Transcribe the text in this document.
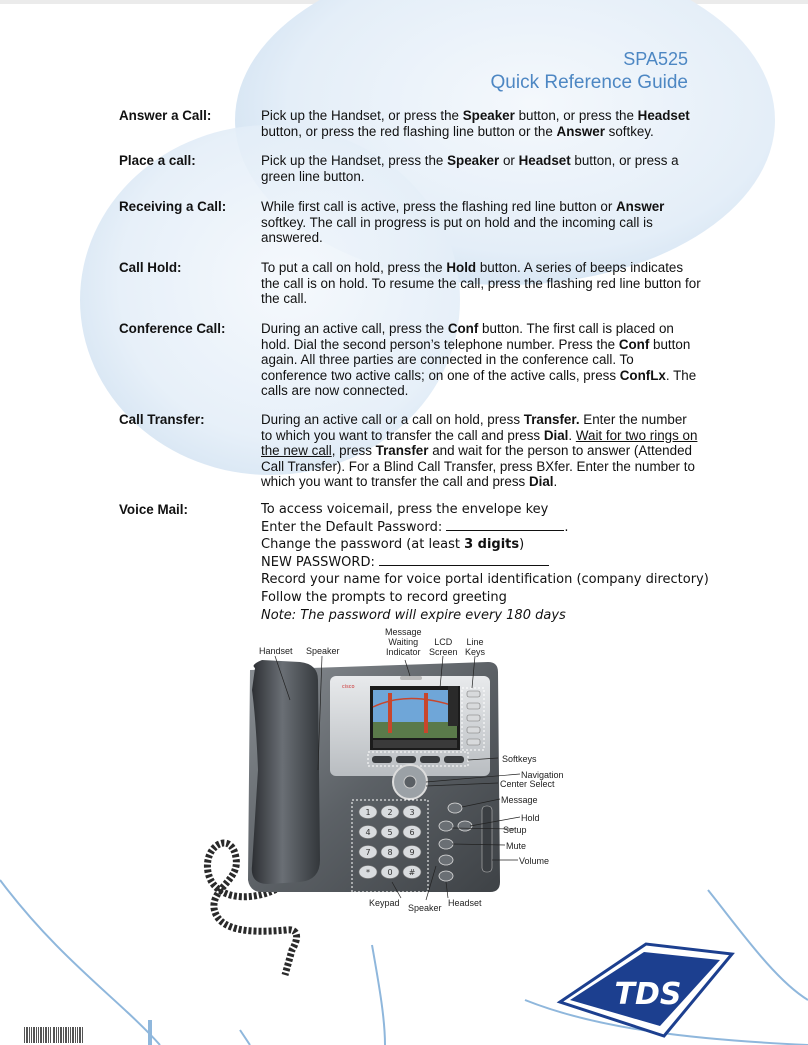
SPA525
Quick Reference Guide
Answer a Call:	Pick up the Handset, or press the Speaker button, or press the Headset button, or press the red flashing line button or the Answer softkey.
Place a call:	Pick up the Handset, press the Speaker or Headset button, or press a green line button.
Receiving a Call:	While first call is active, press the flashing red line button or Answer softkey. The call in progress is put on hold and the incoming call is answered.
Call Hold:	To put a call on hold, press the Hold button. A series of beeps indicates the call is on hold. To resume the call, press the flashing red line button for the call.
Conference Call:	During an active call, press the Conf button. The first call is placed on hold. Dial the second person’s telephone number. Press the Conf button again. All three parties are connected in the conference call. To conference two active calls; on one of the active calls, press ConfLx. The calls are now connected.
Call Transfer:	During an active call or a call on hold, press Transfer. Enter the number to which you want to transfer the call and press Dial. Wait for two rings on the new call, press Transfer and wait for the person to answer (Attended Call Transfer). For a Blind Call Transfer, press BXfer. Enter the number to which you want to transfer the call and press Dial.
Voice Mail:	To access voicemail, press the envelope key
Enter the Default Password:	.
Change the password (at least 3 digits)
NEW PASSWORD:
Record your name for voice portal identification (company directory)
Follow the prompts to record greeting
Note: The password will expire every 180 days
cisco
1 2 3
4 5 6
7 8 9
* 0 #
Handset Speaker
Message
Waiting
Indicator
LCD
Screen
Line
Keys
Softkeys
Navigation
Center Select
Message
Hold
Setup
Mute
Volume
Keypad Speaker Headset
TDS
